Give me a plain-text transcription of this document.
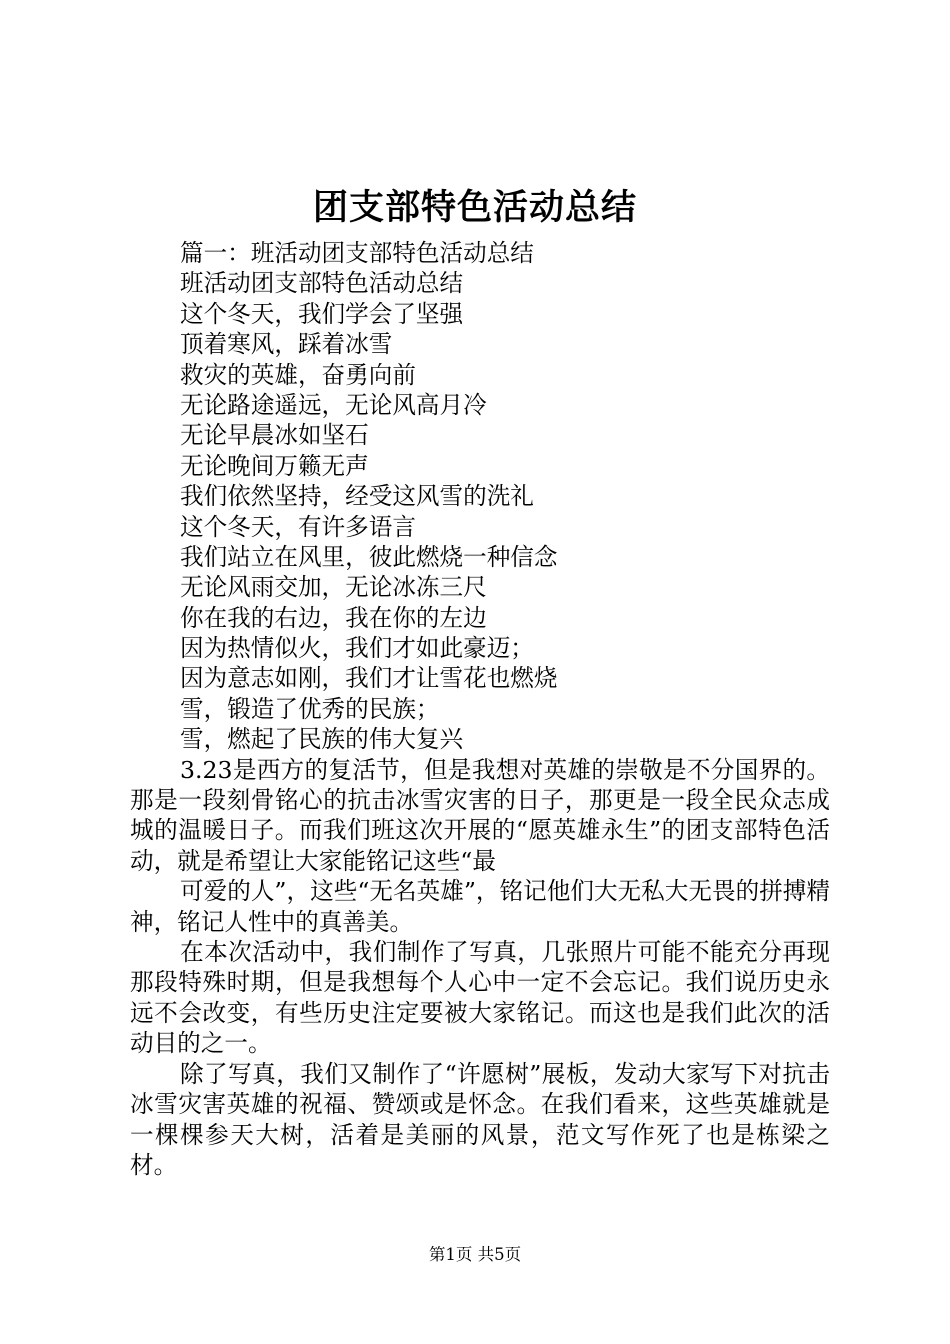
团支部特色活动总结
篇一：班活动团支部特色活动总结
班活动团支部特色活动总结
这个冬天，我们学会了坚强
顶着寒风，踩着冰雪
救灾的英雄，奋勇向前
无论路途遥远，无论风高月冷
无论早晨冰如坚石
无论晚间万籁无声
我们依然坚持，经受这风雪的洗礼
这个冬天，有许多语言
我们站立在风里，彼此燃烧一种信念
无论风雨交加，无论冰冻三尺
你在我的右边，我在你的左边
因为热情似火，我们才如此豪迈；
因为意志如刚，我们才让雪花也燃烧
雪，锻造了优秀的民族；
雪，燃起了民族的伟大复兴

3.23是西方的复活节，但是我想对英雄的崇敬是不分国界的。那是一段刻骨铭心的抗击冰雪灾害的日子，那更是一段全民众志成城的温暖日子。而我们班这次开展的“愿英雄永生”的团支部特色活动，就是希望让大家能铭记这些“最

可爱的人”，这些“无名英雄”，铭记他们大无私大无畏的拼搏精神，铭记人性中的真善美。

在本次活动中，我们制作了写真，几张照片可能不能充分再现那段特殊时期，但是我想每个人心中一定不会忘记。我们说历史永远不会改变，有些历史注定要被大家铭记。而这也是我们此次的活动目的之一。

除了写真，我们又制作了“许愿树”展板，发动大家写下对抗击冰雪灾害英雄的祝福、赞颂或是怀念。在我们看来，这些英雄就是一棵棵参天大树，活着是美丽的风景，范文写作死了也是栋梁之材。

第1页 共5页
